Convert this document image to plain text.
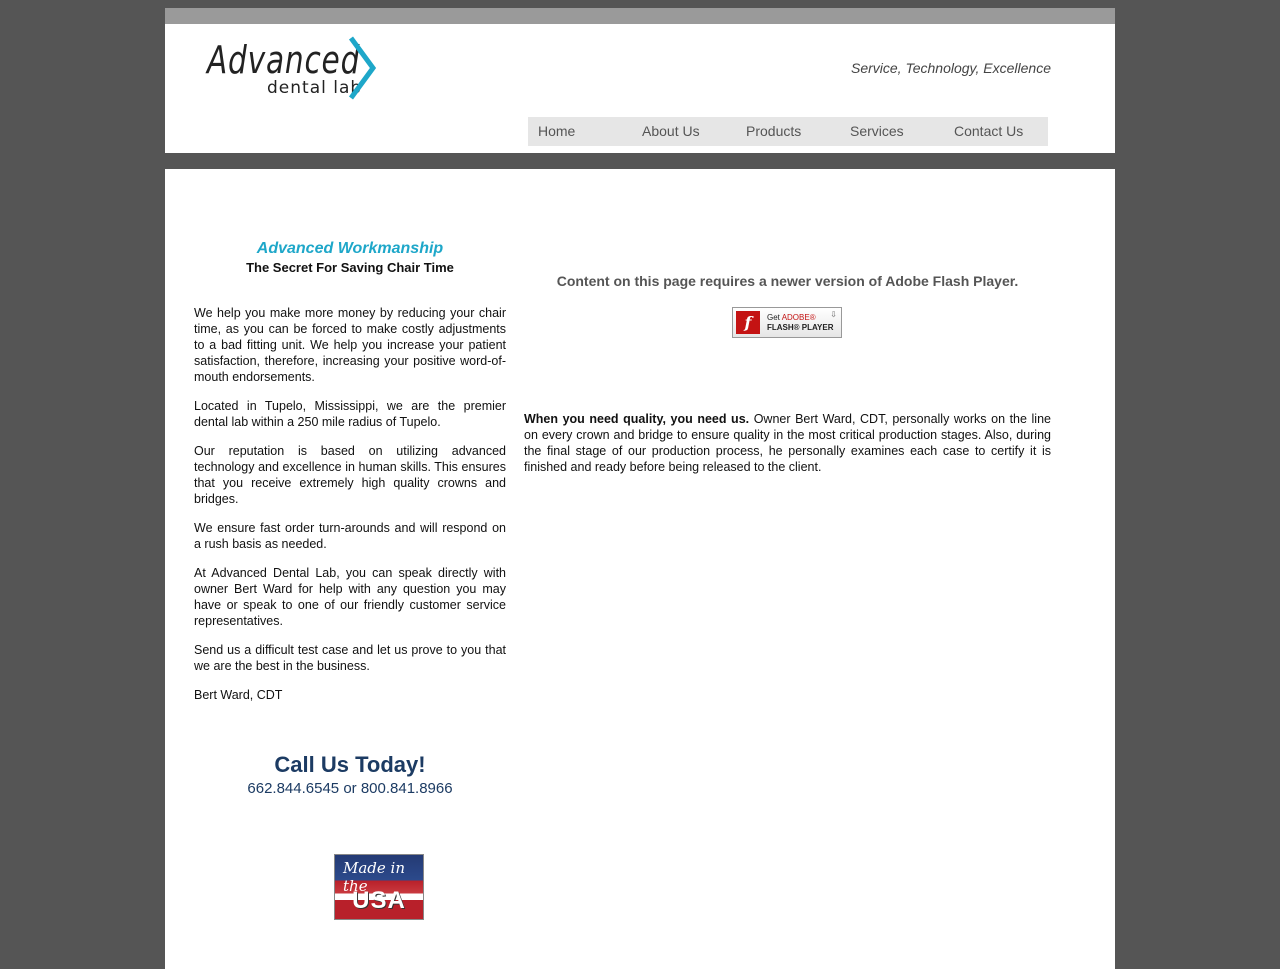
Advanced
dental lab
Service, Technology, Excellence
Home	About Us	Products	Services	Contact Us
Advanced Workmanship
The Secret For Saving Chair Time

We help you make more money by reducing your chair time, as you can be forced to make costly adjustments to a bad fitting unit. We help you increase your patient satisfaction, therefore, increasing your positive word-of-mouth endorsements.

Located in Tupelo, Mississippi, we are the premier dental lab within a 250 mile radius of Tupelo.

Our reputation is based on utilizing advanced technology and excellence in human skills. This ensures that you receive extremely high quality crowns and bridges.

We ensure fast order turn-arounds and will respond on a rush basis as needed.

At Advanced Dental Lab, you can speak directly with owner Bert Ward for help with any question you may have or speak to one of our friendly customer service representatives.

Send us a difficult test case and let us prove to you that we are the best in the business.

Bert Ward, CDT

Call Us Today!
662.844.6545 or 800.841.8966
Made in the
USA
Content on this page requires a newer version of Adobe Flash Player.
f	Get ADOBE®
FLASH® PLAYER
⇩
When you need quality, you need us. Owner Bert Ward, CDT, personally works on the line on every crown and bridge to ensure quality in the most critical production stages. Also, during the final stage of our production process, he personally examines each case to certify it is finished and ready before being released to the client.
